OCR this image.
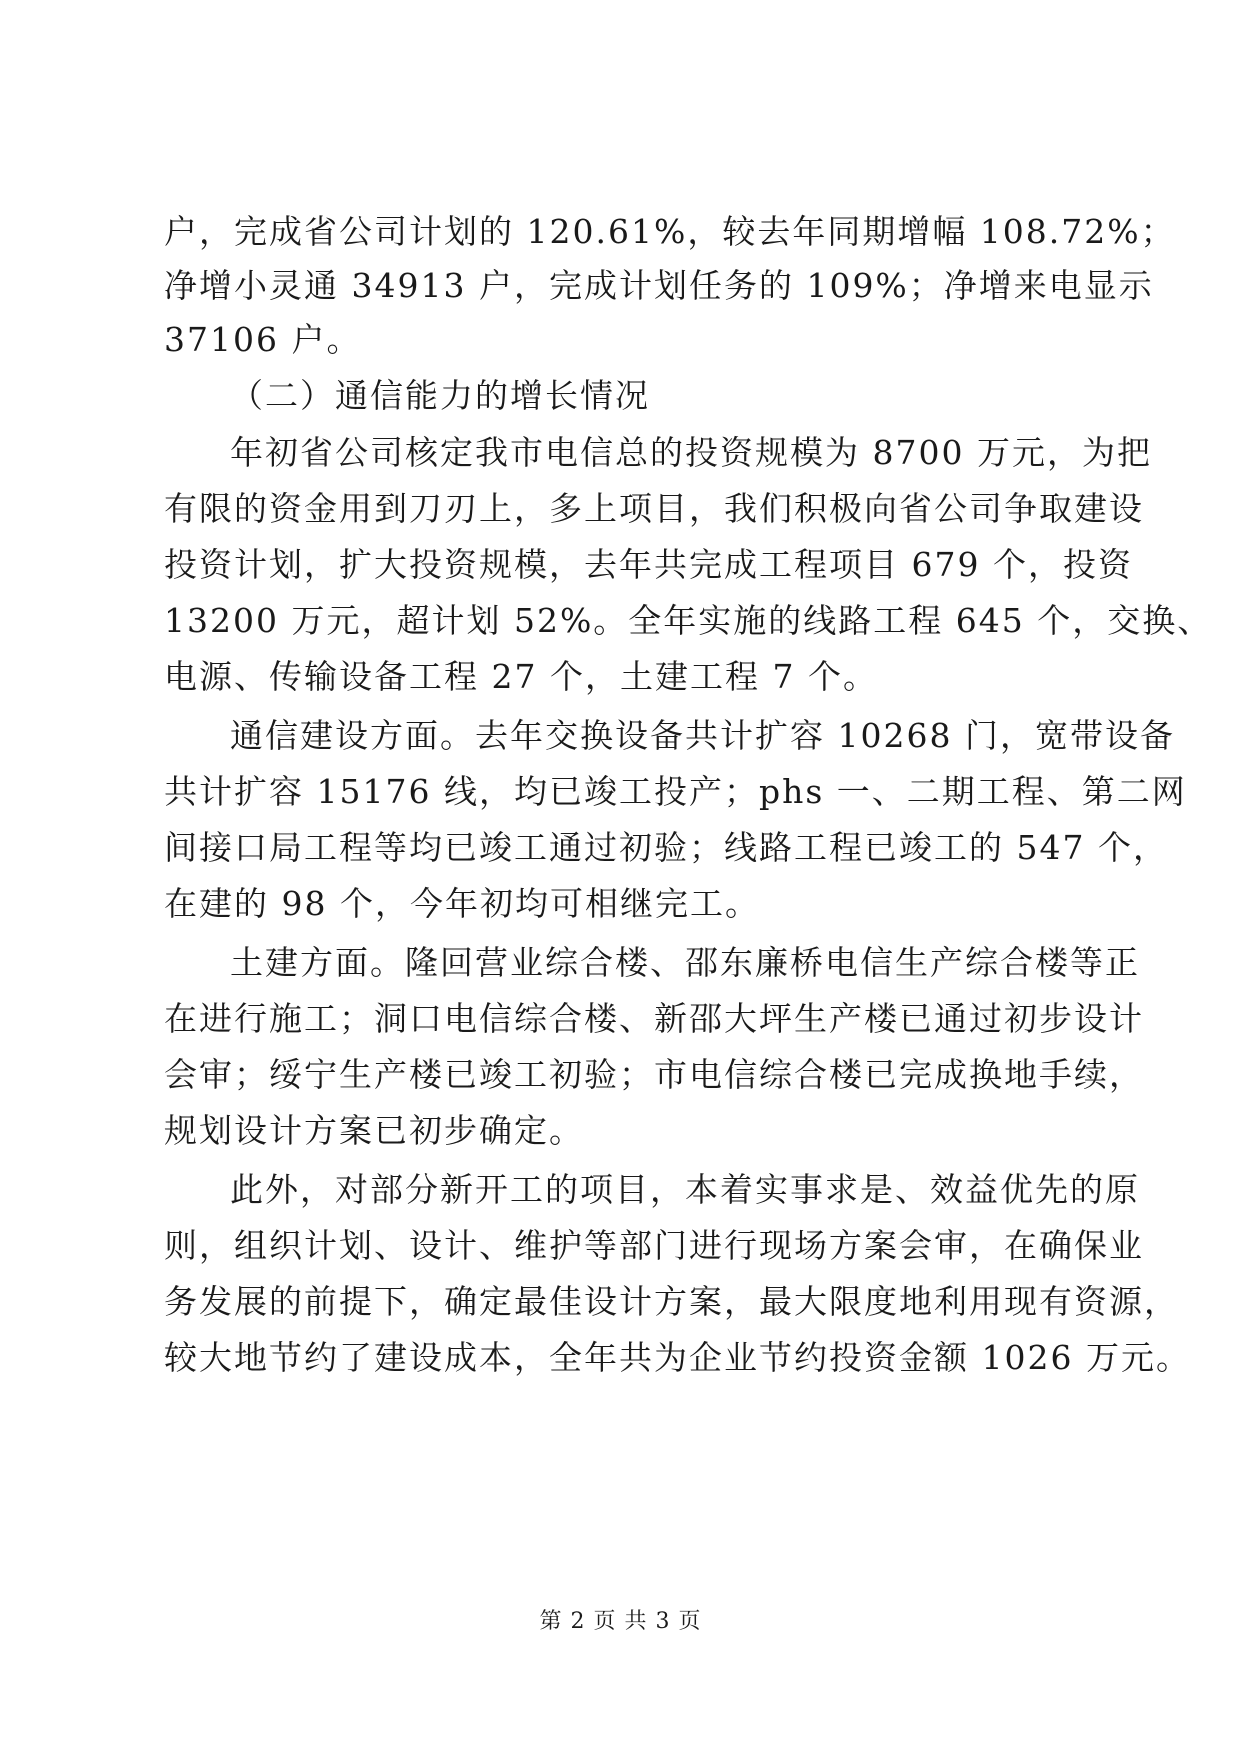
户，完成省公司计划的 120.61%，较去年同期增幅 108.72%；
净增小灵通 34913 户，完成计划任务的 109%；净增来电显示
37106 户。
（二）通信能力的增长情况
年初省公司核定我市电信总的投资规模为 8700 万元，为把
有限的资金用到刀刃上，多上项目，我们积极向省公司争取建设
投资计划，扩大投资规模，去年共完成工程项目 679 个，投资
13200 万元，超计划 52%。全年实施的线路工程 645 个，交换、
电源、传输设备工程 27 个，土建工程 7 个。
通信建设方面。去年交换设备共计扩容 10268 门，宽带设备
共计扩容 15176 线，均已竣工投产；phs 一、二期工程、第二网
间接口局工程等均已竣工通过初验；线路工程已竣工的 547 个，
在建的 98 个，今年初均可相继完工。
土建方面。隆回营业综合楼、邵东廉桥电信生产综合楼等正
在进行施工；洞口电信综合楼、新邵大坪生产楼已通过初步设计
会审；绥宁生产楼已竣工初验；市电信综合楼已完成换地手续，
规划设计方案已初步确定。
此外，对部分新开工的项目，本着实事求是、效益优先的原
则，组织计划、设计、维护等部门进行现场方案会审，在确保业
务发展的前提下，确定最佳设计方案，最大限度地利用现有资源，
较大地节约了建设成本，全年共为企业节约投资金额 1026 万元。
第 2 页 共 3 页
